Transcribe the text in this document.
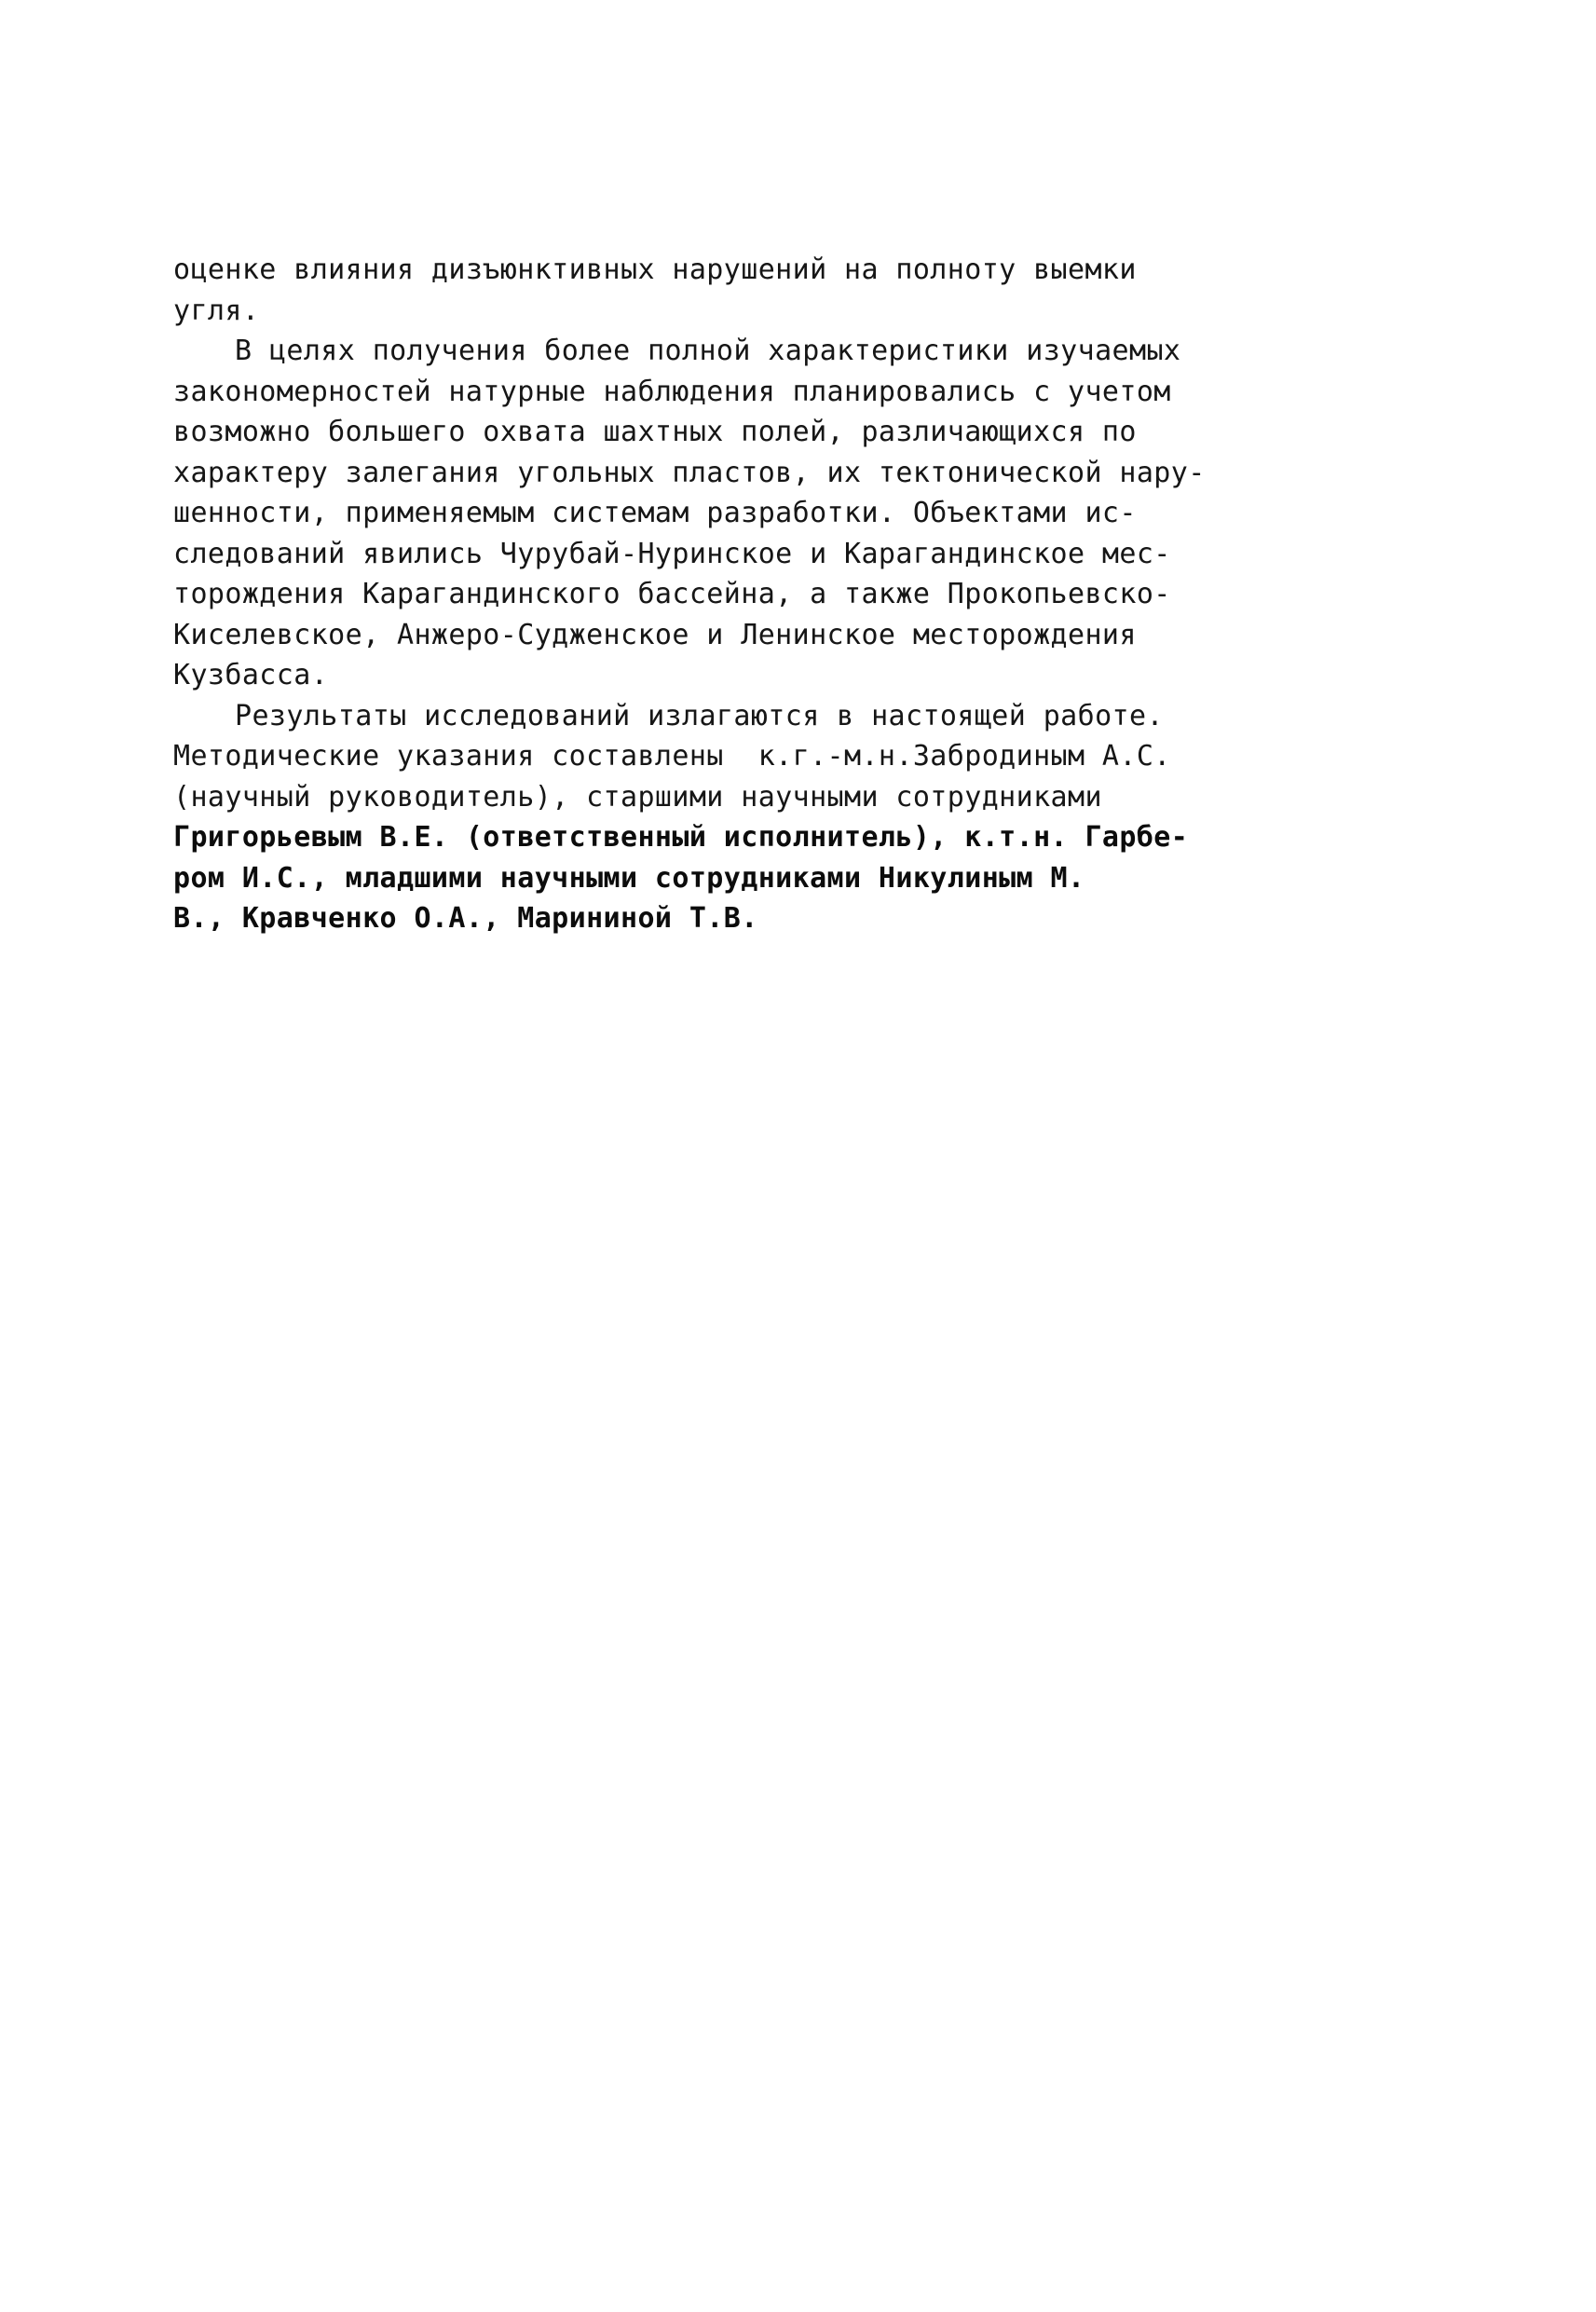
оценке влияния дизъюнктивных нарушений на полноту выемки
угля.

В целях получения более полной характеристики изучаемых
закономерностей натурные наблюдения планировались с учетом
возможно большего охвата шахтных полей, различающихся по
характеру залегания угольных пластов, их тектонической нару-
шенности, применяемым системам разработки. Объектами ис-
следований явились Чурубай-Нуринское и Карагандинское мес-
торождения Карагандинского бассейна, а также Прокопьевско-
Киселевское, Анжеро-Судженское и Ленинское месторождения
Кузбасса.

Результаты исследований излагаются в настоящей работе.
Методические указания составлены  к.г.-м.н.Забродиным А.С.
(научный руководитель), старшими научными сотрудниками
Григорьевым В.Е. (ответственный исполнитель), к.т.н. Гарбе-
ром И.С., младшими научными сотрудниками Никулиным М.
В., Кравченко О.А., Марининой Т.В.
